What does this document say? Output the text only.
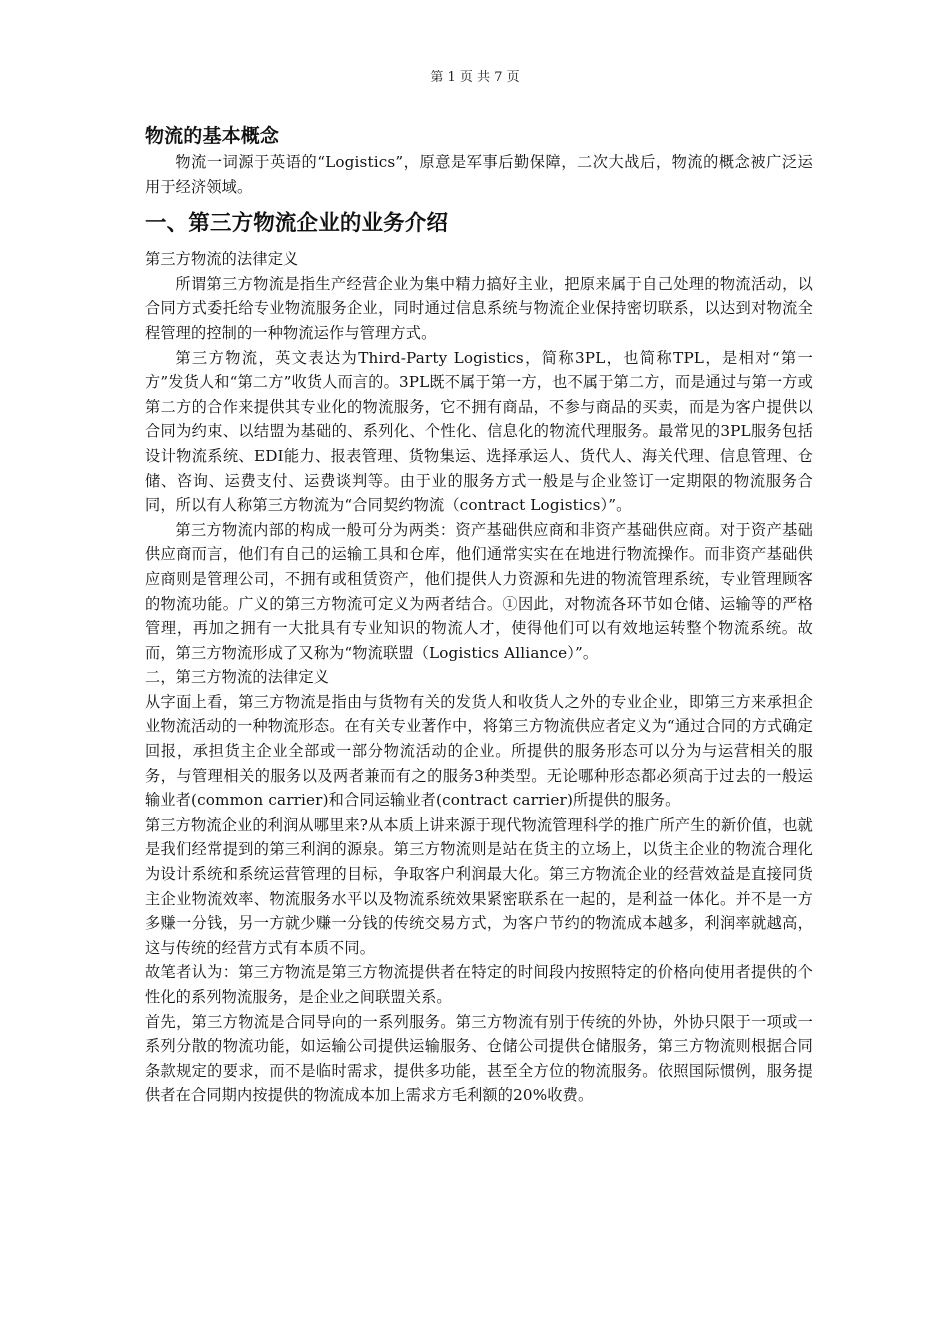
第 1 页 共 7 页
物流的基本概念

物流一词源于英语的“Logistics”，原意是军事后勤保障，二次大战后，物流的概念被广泛运用于经济领域。

一、第三方物流企业的业务介绍

第三方物流的法律定义

所谓第三方物流是指生产经营企业为集中精力搞好主业，把原来属于自己处理的物流活动，以合同方式委托给专业物流服务企业，同时通过信息系统与物流企业保持密切联系，以达到对物流全程管理的控制的一种物流运作与管理方式。

第三方物流，英文表达为Third-Party Logistics，简称3PL，也简称TPL，是相对“第一方”发货人和“第二方”收货人而言的。3PL既不属于第一方，也不属于第二方，而是通过与第一方或第二方的合作来提供其专业化的物流服务，它不拥有商品，不参与商品的买卖，而是为客户提供以合同为约束、以结盟为基础的、系列化、个性化、信息化的物流代理服务。最常见的3PL服务包括设计物流系统、EDI能力、报表管理、货物集运、选择承运人、货代人、海关代理、信息管理、仓储、咨询、运费支付、运费谈判等。由于业的服务方式一般是与企业签订一定期限的物流服务合同，所以有人称第三方物流为“合同契约物流（contract Logistics）”。

第三方物流内部的构成一般可分为两类：资产基础供应商和非资产基础供应商。对于资产基础供应商而言，他们有自己的运输工具和仓库，他们通常实实在在地进行物流操作。而非资产基础供应商则是管理公司，不拥有或租赁资产，他们提供人力资源和先进的物流管理系统，专业管理顾客的物流功能。广义的第三方物流可定义为两者结合。①因此，对物流各环节如仓储、运输等的严格管理，再加之拥有一大批具有专业知识的物流人才，使得他们可以有效地运转整个物流系统。故而，第三方物流形成了又称为“物流联盟（Logistics Alliance）”。

二，第三方物流的法律定义

从字面上看，第三方物流是指由与货物有关的发货人和收货人之外的专业企业，即第三方来承担企业物流活动的一种物流形态。在有关专业著作中，将第三方物流供应者定义为“通过合同的方式确定回报，承担货主企业全部或一部分物流活动的企业。所提供的服务形态可以分为与运营相关的服务，与管理相关的服务以及两者兼而有之的服务3种类型。无论哪种形态都必须高于过去的一般运输业者(common carrier)和合同运输业者(contract carrier)所提供的服务。

第三方物流企业的利润从哪里来?从本质上讲来源于现代物流管理科学的推广所产生的新价值，也就是我们经常提到的第三利润的源泉。第三方物流则是站在货主的立场上，以货主企业的物流合理化为设计系统和系统运营管理的目标，争取客户利润最大化。第三方物流企业的经营效益是直接同货主企业物流效率、物流服务水平以及物流系统效果紧密联系在一起的，是利益一体化。并不是一方多赚一分钱，另一方就少赚一分钱的传统交易方式，为客户节约的物流成本越多，利润率就越高，这与传统的经营方式有本质不同。

故笔者认为：第三方物流是第三方物流提供者在特定的时间段内按照特定的价格向使用者提供的个性化的系列物流服务，是企业之间联盟关系。

首先，第三方物流是合同导向的一系列服务。第三方物流有别于传统的外协，外协只限于一项或一系列分散的物流功能，如运输公司提供运输服务、仓储公司提供仓储服务，第三方物流则根据合同条款规定的要求，而不是临时需求，提供多功能，甚至全方位的物流服务。依照国际惯例，服务提供者在合同期内按提供的物流成本加上需求方毛利额的20%收费。
